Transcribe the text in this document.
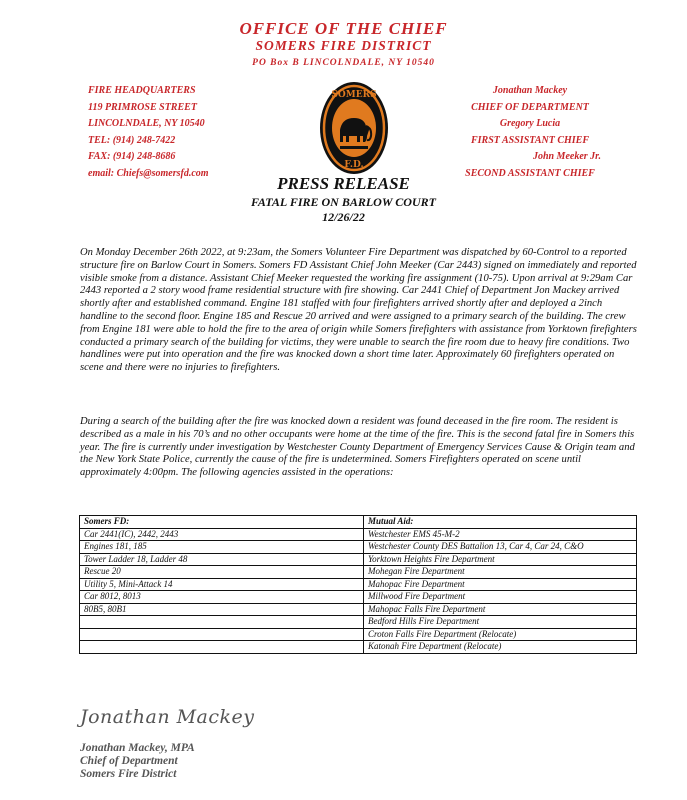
OFFICE OF THE CHIEF
SOMERS FIRE DISTRICT
PO Box B LINCOLNDALE, NY 10540
FIRE HEADQUARTERS
119 PRIMROSE STREET
LINCOLNDALE, NY 10540
TEL: (914) 248-7422
FAX: (914) 248-8686
email: Chiefs@somersfd.com
SOMERS
F.D.
Jonathan Mackey
CHIEF OF DEPARTMENT
Gregory Lucia
FIRST ASSISTANT CHIEF
John Meeker Jr.
SECOND ASSISTANT CHIEF
PRESS RELEASE
FATAL FIRE ON BARLOW COURT
12/26/22
On Monday December 26th 2022, at 9:23am, the Somers Volunteer Fire Department was dispatched by 60-Control to a reported structure fire on Barlow Court in Somers. Somers FD Assistant Chief John Meeker (Car 2443) signed on immediately and reported visible smoke from a distance. Assistant Chief Meeker requested the working fire assignment (10-75). Upon arrival at 9:29am Car 2443 reported a 2 story wood frame residential structure with fire showing. Car 2441 Chief of Department Jon Mackey arrived shortly after and established command. Engine 181 staffed with four firefighters arrived shortly after and deployed a 2inch handline to the second floor. Engine 185 and Rescue 20 arrived and were assigned to a primary search of the building. The crew from Engine 181 were able to hold the fire to the area of origin while Somers firefighters with assistance from Yorktown firefighters conducted a primary search of the building for victims, they were unable to search the fire room due to heavy fire conditions. Two handlines were put into operation and the fire was knocked down a short time later. Approximately 60 firefighters operated on scene and there were no injuries to firefighters.
During a search of the building after the fire was knocked down a resident was found deceased in the fire room. The resident is described as a male in his 70’s and no other occupants were home at the time of the fire. This is the second fatal fire in Somers this year. The fire is currently under investigation by Westchester County Department of Emergency Services Cause & Origin team and the New York State Police, currently the cause of the fire is undetermined. Somers Firefighters operated on scene until approximately 4:00pm. The following agencies assisted in the operations:
Somers FD:	Mutual Aid:
Car 2441(IC), 2442, 2443	Westchester EMS 45-M-2
Engines 181, 185	Westchester County DES Battalion 13, Car 4, Car 24, C&O
Tower Ladder 18, Ladder 48	Yorktown Heights Fire Department
Rescue 20	Mohegan Fire Department
Utility 5, Mini-Attack 14	Mahopac Fire Department
Car 8012, 8013	Millwood Fire Department
80B5, 80B1	Mahopac Falls Fire Department
	Bedford Hills Fire Department
	Croton Falls Fire Department (Relocate)
	Katonah Fire Department (Relocate)
Jonathan Mackey
Jonathan Mackey, MPA
Chief of Department
Somers Fire District
